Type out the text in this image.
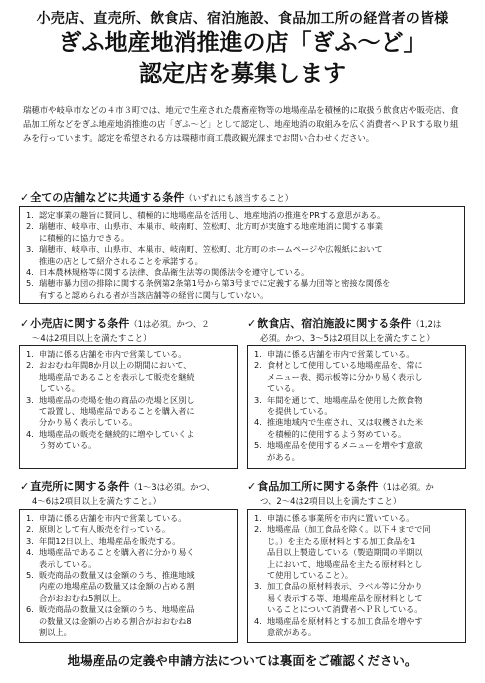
小売店、直売所、飲食店、宿泊施設、食品加工所の経営者の皆様
ぎふ地産地消推進の店「ぎふ～ど」
認定店を募集します
瑞穂市や岐阜市などの４市３町では、地元で生産された農畜産物等の地場産品を積極的に取扱う飲食店や販売店、食品加工所などをぎふ地産地消推進の店「ぎふ～ど」として認定し、地産地消の取組みを広く消費者へＰＲする取り組みを行っています。認定を希望される方は瑞穂市商工農政観光課までお問い合わせください。
✓全ての店舗などに共通する条件（いずれにも該当すること）
1. 認定事業の趣旨に賛同し、積極的に地場産品を活用し、地産地消の推進をPRする意思がある。
2. 瑞穂市、岐阜市、山県市、本巣市、岐南町、笠松町、北方町が実施する地産地消に関する事業
に積極的に協力できる。
3. 瑞穂市、岐阜市、山県市、本巣市、岐南町、笠松町、北方町のホームページや広報紙において
推進の店として紹介されることを承諾する。
4. 日本農林規格等に関する法律、食品衛生法等の関係法令を遵守している。
5. 瑞穂市暴力団の排除に関する条例第2条第1号から第3号までに定義する暴力団等と密接な関係を
有すると認められる者が当該店舗等の経営に関与していない。
✓小売店に関する条件（1は必須。かつ、２
～4は2項目以上を満たすこと）
1. 申請に係る店舗を市内で営業している。
2. おおむね年間8か月以上の期間において、
地場産品であることを表示して販売を継続
している。
3. 地場産品の売場を他の商品の売場と区別し
て設置し、地場産品であることを購入者に
分かり易く表示している。
4. 地場産品の販売を継続的に増やしていくよ
う努めている。
✓飲食店、宿泊施設に関する条件（1,2は
必須。かつ、3～5は2項目以上を満たすこと）
1. 申請に係る店舗を市内で営業している。
2. 食材として使用している地場産品を、常に
メニュー表、掲示板等に分かり易く表示し
ている。
3. 年間を通じて、地場産品を使用した飲食物
を提供している。
4. 推進地域内で生産され、又は収穫された米
を積極的に使用するよう努めている。
5. 地場産品を使用するメニューを増やす意欲
がある。
✓直売所に関する条件（1～3は必須。かつ、
4～6は2項目以上を満たすこと。）
1. 申請に係る店舗を市内で営業している。
2. 原則として有人販売を行っている。
3. 年間12日以上、地場産品を販売する。
4. 地場産品であることを購入者に分かり易く
表示している。
5. 販売商品の数量又は金額のうち、推進地域
内産の地場産品の数量又は金額の占める割
合がおおむね5割以上。
6. 販売商品の数量又は金額のうち、地場産品
の数量又は金額の占める割合がおおむね8
割以上。
✓食品加工所に関する条件（1は必須。か
つ、2～4は2項目以上を満たすこと）
1. 申請に係る事業所を市内に置いている。
2. 地場産品（加工食品を除く。以下４までで同
じ。）を主たる原材料とする加工食品を1
品目以上製造している（製造期間の半期以
上において、地場産品を主たる原材料とし
て使用していること）。
3. 加工食品の原材料表示、ラベル等に分かり
易く表示する等、地場産品を原材料として
いることについて消費者へＰＲしている。
4. 地場産品を原材料とする加工食品を増やす
意欲がある。
地場産品の定義や申請方法については裏面をご確認ください。
